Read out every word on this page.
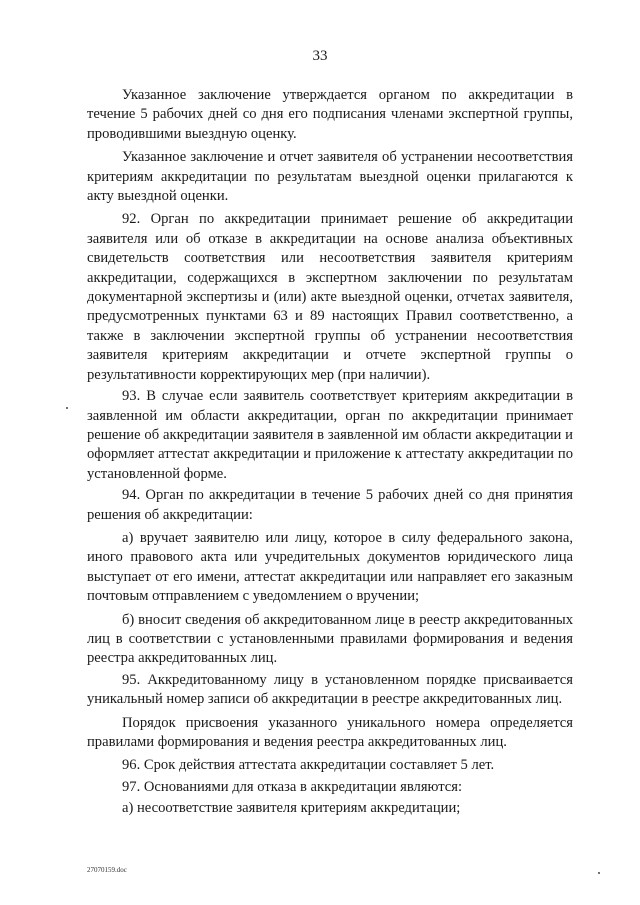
33

Указанное заключение утверждается органом по аккредитации в течение 5 рабочих дней со дня его подписания членами экспертной группы, проводившими выездную оценку.

Указанное заключение и отчет заявителя об устранении несоответствия критериям аккредитации по результатам выездной оценки прилагаются к акту выездной оценки.

92. Орган по аккредитации принимает решение об аккредитации заявителя или об отказе в аккредитации на основе анализа объективных свидетельств соответствия или несоответствия заявителя критериям аккредитации, содержащихся в экспертном заключении по результатам документарной экспертизы и (или) акте выездной оценки, отчетах заявителя, предусмотренных пунктами 63 и 89 настоящих Правил соответственно, а также в заключении экспертной группы об устранении несоответствия заявителя критериям аккредитации и отчете экспертной группы о результативности корректирующих мер (при наличии).

93. В случае если заявитель соответствует критериям аккредитации в заявленной им области аккредитации, орган по аккредитации принимает решение об аккредитации заявителя в заявленной им области аккредитации и оформляет аттестат аккредитации и приложение к аттестату аккредитации по установленной форме.

94. Орган по аккредитации в течение 5 рабочих дней со дня принятия решения об аккредитации:

а) вручает заявителю или лицу, которое в силу федерального закона, иного правового акта или учредительных документов юридического лица выступает от его имени, аттестат аккредитации или направляет его заказным почтовым отправлением с уведомлением о вручении;

б) вносит сведения об аккредитованном лице в реестр аккредитованных лиц в соответствии с установленными правилами формирования и ведения реестра аккредитованных лиц.

95. Аккредитованному лицу в установленном порядке присваивается уникальный номер записи об аккредитации в реестре аккредитованных лиц.

Порядок присвоения указанного уникального номера определяется правилами формирования и ведения реестра аккредитованных лиц.

96. Срок действия аттестата аккредитации составляет 5 лет.

97. Основаниями для отказа в аккредитации являются:

а) несоответствие заявителя критериям аккредитации;

27070159.doc
